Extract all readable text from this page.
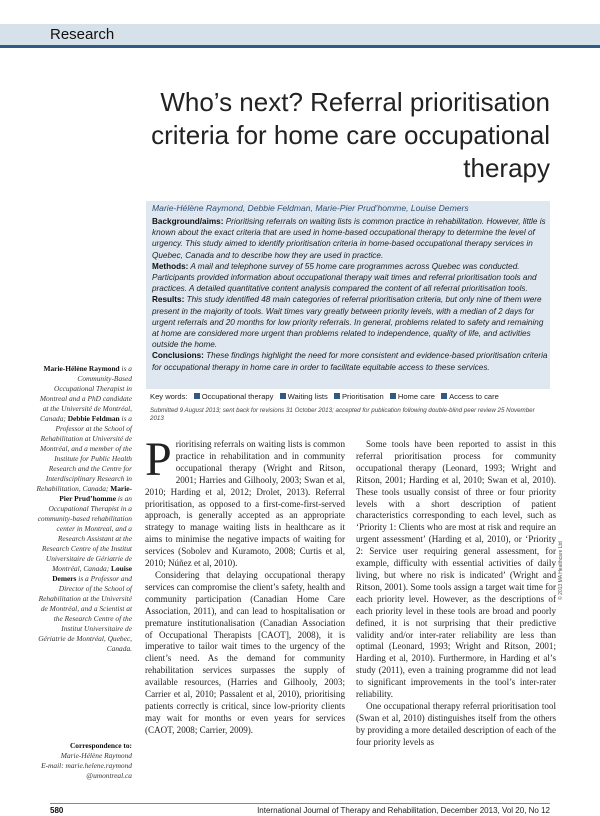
Research
Who’s next? Referral prioritisation criteria for home care occupational therapy
Marie-Hélène Raymond, Debbie Feldman, Marie-Pier Prud’homme, Louise Demers

Background/aims: Prioritising referrals on waiting lists is common practice in rehabilitation. However, little is known about the exact criteria that are used in home-based occupational therapy to determine the level of urgency. This study aimed to identify prioritisation criteria in home-based occupational therapy services in Quebec, Canada and to describe how they are used in practice.

Methods: A mail and telephone survey of 55 home care programmes across Quebec was conducted. Participants provided information about occupational therapy wait times and referral prioritisation tools and practices. A detailed quantitative content analysis compared the content of all referral prioritisation tools.

Results: This study identified 48 main categories of referral prioritisation criteria, but only nine of them were present in the majority of tools. Wait times vary greatly between priority levels, with a median of 2 days for urgent referrals and 20 months for low priority referrals. In general, problems related to safety and remaining at home are considered more urgent than problems related to independence, quality of life, and activities outside the home.

Conclusions: These findings highlight the need for more consistent and evidence-based prioritisation criteria for occupational therapy in home care in order to facilitate equitable access to these services.

Key words: Occupational therapy Waiting lists Prioritisation Home care Access to care
Submitted 9 August 2013; sent back for revisions 31 October 2013; accepted for publication following double-blind peer review 25 November 2013
Marie-Hélène Raymond is a Community-Based Occupational Therapist in Montreal and a PhD candidate at the Université de Montréal, Canada; Debbie Feldman is a Professor at the School of Rehabilitation at Université de Montréal, and a member of the Institute for Public Health Research and the Centre for Interdisciplinary Research in Rehabilitation, Canada; Marie-Pier Prud’homme is an Occupational Therapist in a community-based rehabilitation center in Montreal, and a Research Assistant at the Research Centre of the Institut Universitaire de Gériatrie de Montréal, Canada; Louise Demers is a Professor and Director of the School of Rehabilitation at the Université de Montréal, and a Scientist at the Research Centre of the Institut Universitaire de Gériatrie de Montréal, Quebec, Canada.
Correspondence to:
Marie-Hélène Raymond
E-mail: marie.helene.raymond@umontreal.ca

Prioritising referrals on waiting lists is common practice in rehabilitation and in community occupational therapy (Wright and Ritson, 2001; Harries and Gilhooly, 2003; Swan et al, 2010; Harding et al, 2012; Drolet, 2013). Referral prioritisation, as opposed to a first-come-first-served approach, is generally accepted as an appropriate strategy to manage waiting lists in healthcare as it aims to minimise the negative impacts of waiting for services (Sobolev and Kuramoto, 2008; Curtis et al, 2010; Núñez et al, 2010).

Considering that delaying occupational therapy services can compromise the client’s safety, health and community participation (Canadian Home Care Association, 2011), and can lead to hospitalisation or premature institutionalisation (Canadian Association of Occupational Therapists [CAOT], 2008), it is imperative to tailor wait times to the urgency of the client’s need. As the demand for community rehabilitation services surpasses the supply of available resources, (Harries and Gilhooly, 2003; Carrier et al, 2010; Passalent et al, 2010), prioritising patients correctly is critical, since low-priority clients may wait for months or even years for services (CAOT, 2008; Carrier, 2009).

Some tools have been reported to assist in this referral prioritisation process for community occupational therapy (Leonard, 1993; Wright and Ritson, 2001; Harding et al, 2010; Swan et al, 2010). These tools usually consist of three or four priority levels with a short description of patient characteristics corresponding to each level, such as ‘Priority 1: Clients who are most at risk and require an urgent assessment’ (Harding et al, 2010), or ‘Priority 2: Service user requiring general assessment, for example, difficulty with essential activities of daily living, but where no risk is indicated’ (Wright and Ritson, 2001). Some tools assign a target wait time for each priority level. However, as the descriptions of each priority level in these tools are broad and poorly defined, it is not surprising that their predictive validity and/or inter-rater reliability are less than optimal (Leonard, 1993; Wright and Ritson, 2001; Harding et al, 2010). Furthermore, in Harding et al’s study (2011), even a training programme did not lead to significant improvements in the tool’s inter-rater reliability.

One occupational therapy referral prioritisation tool (Swan et al, 2010) distinguishes itself from the others by providing a more detailed description of each of the four priority levels as

© 2013 MA Healthcare Ltd
580	International Journal of Therapy and Rehabilitation, December 2013, Vol 20, No 12
